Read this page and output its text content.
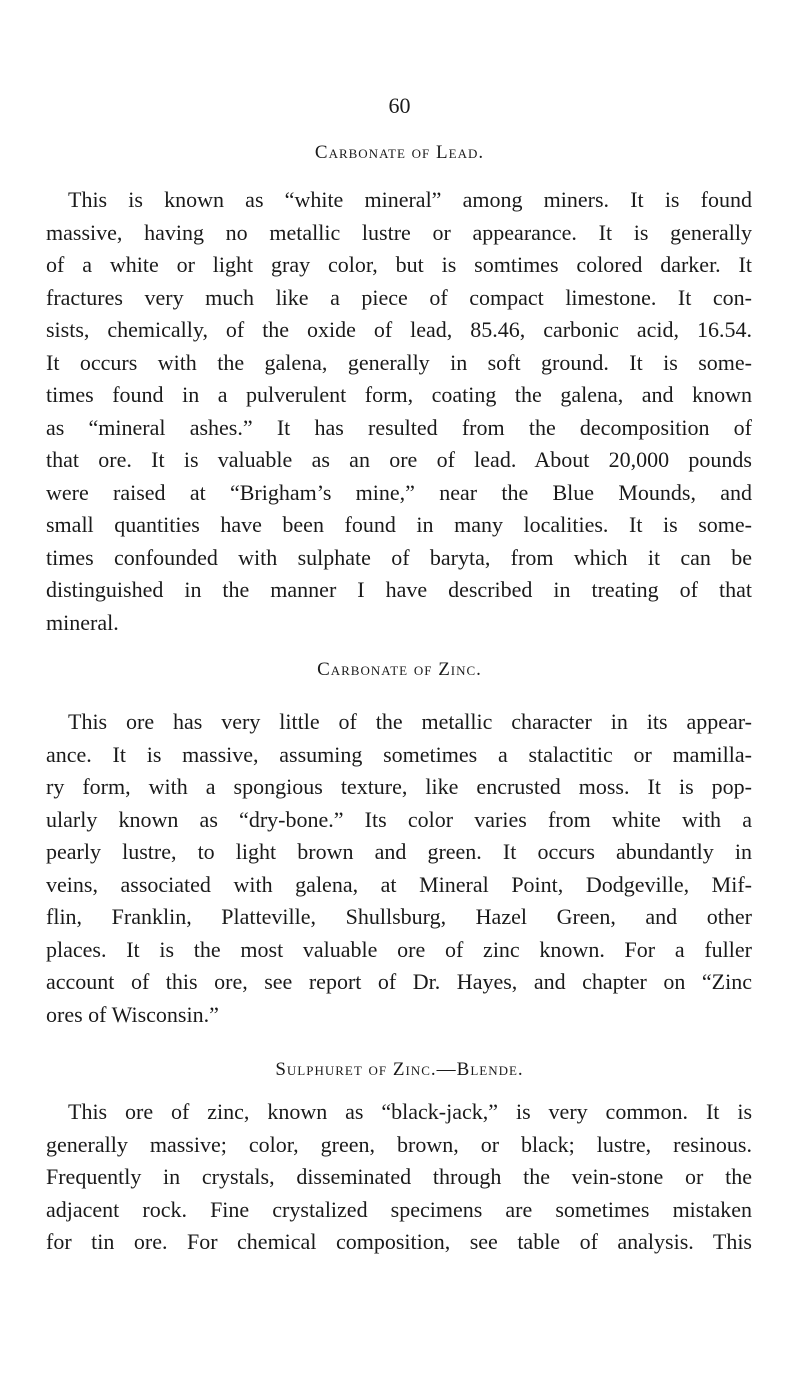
60
Carbonate of Lead.
This is known as “white mineral” among miners. It is found
massive, having no metallic lustre or appearance. It is generally
of a white or light gray color, but is somtimes colored darker. It
fractures very much like a piece of compact limestone. It con-
sists, chemically, of the oxide of lead, 85.46, carbonic acid, 16.54.
It occurs with the galena, generally in soft ground. It is some-
times found in a pulverulent form, coating the galena, and known
as “mineral ashes.” It has resulted from the decomposition of
that ore. It is valuable as an ore of lead. About 20,000 pounds
were raised at “Brigham’s mine,” near the Blue Mounds, and
small quantities have been found in many localities. It is some-
times confounded with sulphate of baryta, from which it can be
distinguished in the manner I have described in treating of that
mineral.
Carbonate of Zinc.
This ore has very little of the metallic character in its appear-
ance. It is massive, assuming sometimes a stalactitic or mamilla-
ry form, with a spongious texture, like encrusted moss. It is pop-
ularly known as “dry-bone.” Its color varies from white with a
pearly lustre, to light brown and green. It occurs abundantly in
veins, associated with galena, at Mineral Point, Dodgeville, Mif-
flin, Franklin, Platteville, Shullsburg, Hazel Green, and other
places. It is the most valuable ore of zinc known. For a fuller
account of this ore, see report of Dr. Hayes, and chapter on “Zinc
ores of Wisconsin.”
Sulphuret of Zinc.—Blende.
This ore of zinc, known as “black-jack,” is very common. It is
generally massive; color, green, brown, or black; lustre, resinous.
Frequently in crystals, disseminated through the vein-stone or the
adjacent rock. Fine crystalized specimens are sometimes mistaken
for tin ore. For chemical composition, see table of analysis. This
